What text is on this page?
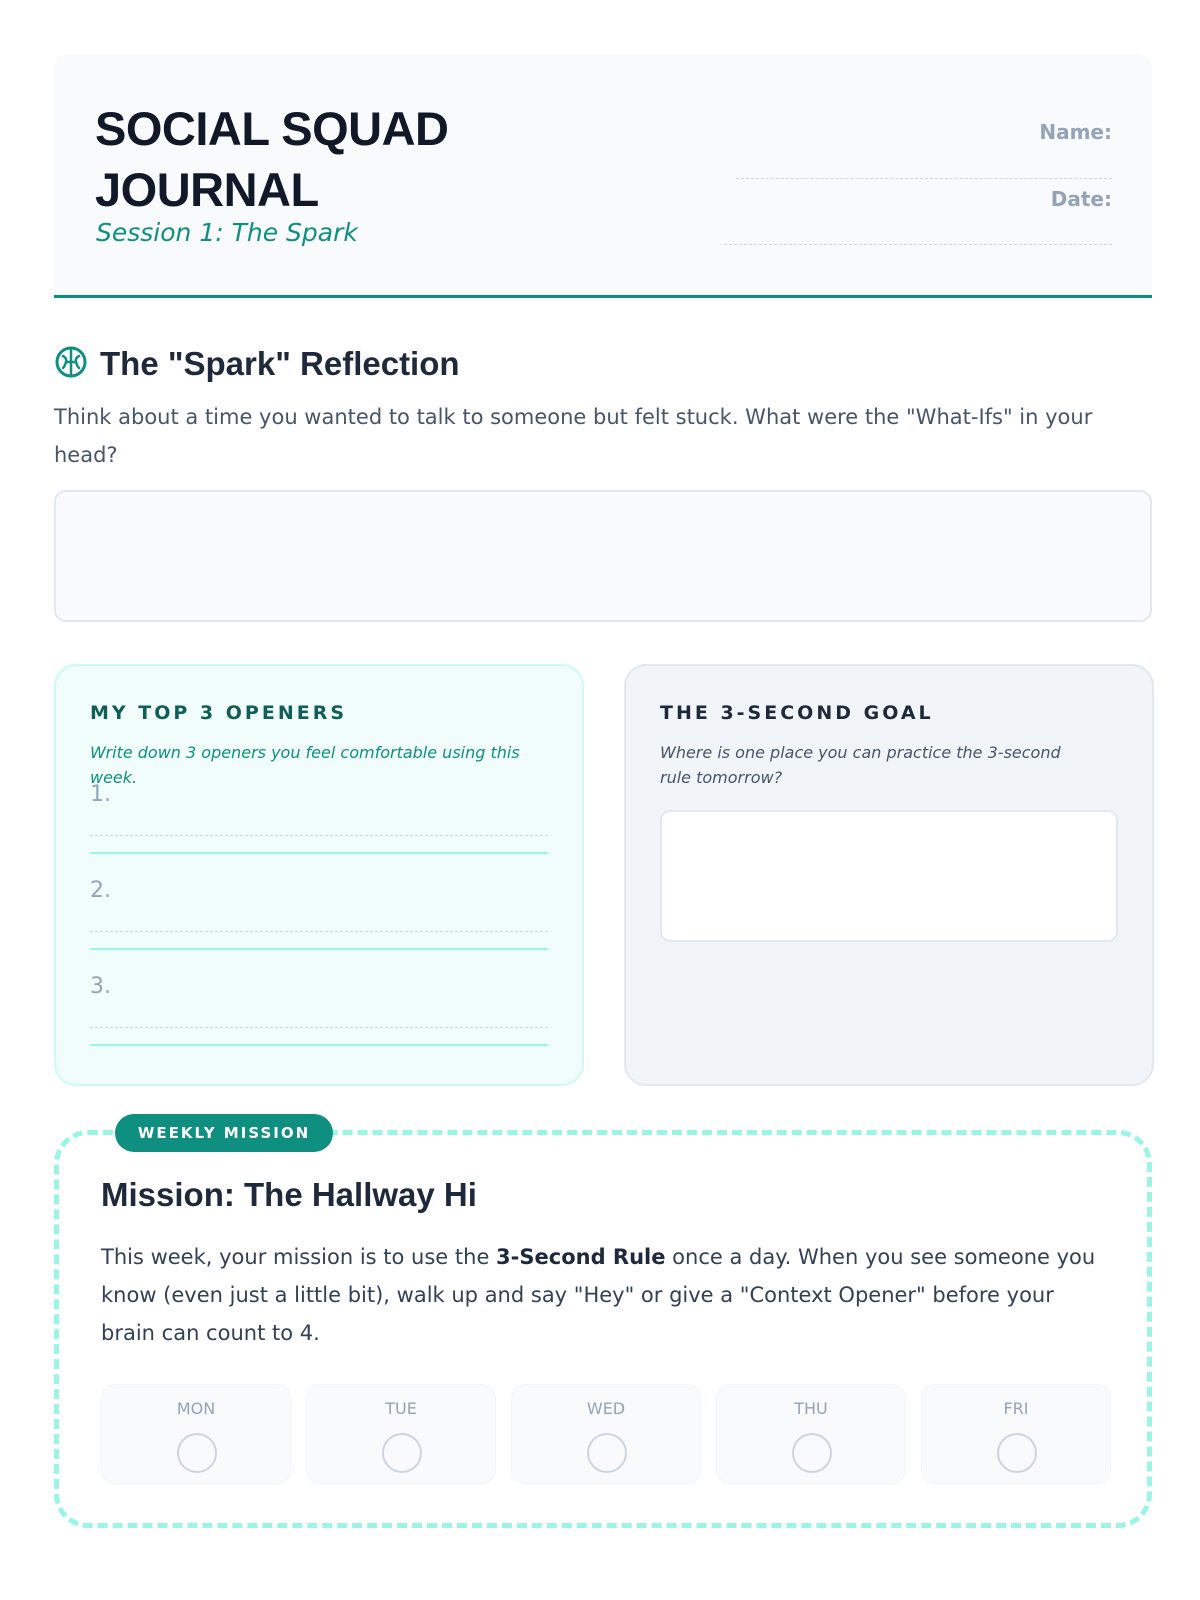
SOCIAL SQUAD JOURNAL
Session 1: The Spark
Name:
Date:
The "Spark" Reflection
Think about a time you wanted to talk to someone but felt stuck. What were the "What-Ifs" in your head?
MY TOP 3 OPENERS
Write down 3 openers you feel comfortable using this week.
1.
2.
3.
THE 3-SECOND GOAL
Where is one place you can practice the 3-second rule tomorrow?
WEEKLY MISSION
Mission: The Hallway Hi
This week, your mission is to use the 3-Second Rule once a day. When you see someone you know (even just a little bit), walk up and say "Hey" or give a "Context Opener" before your brain can count to 4.
MON	TUE	WED	THU	FRI
